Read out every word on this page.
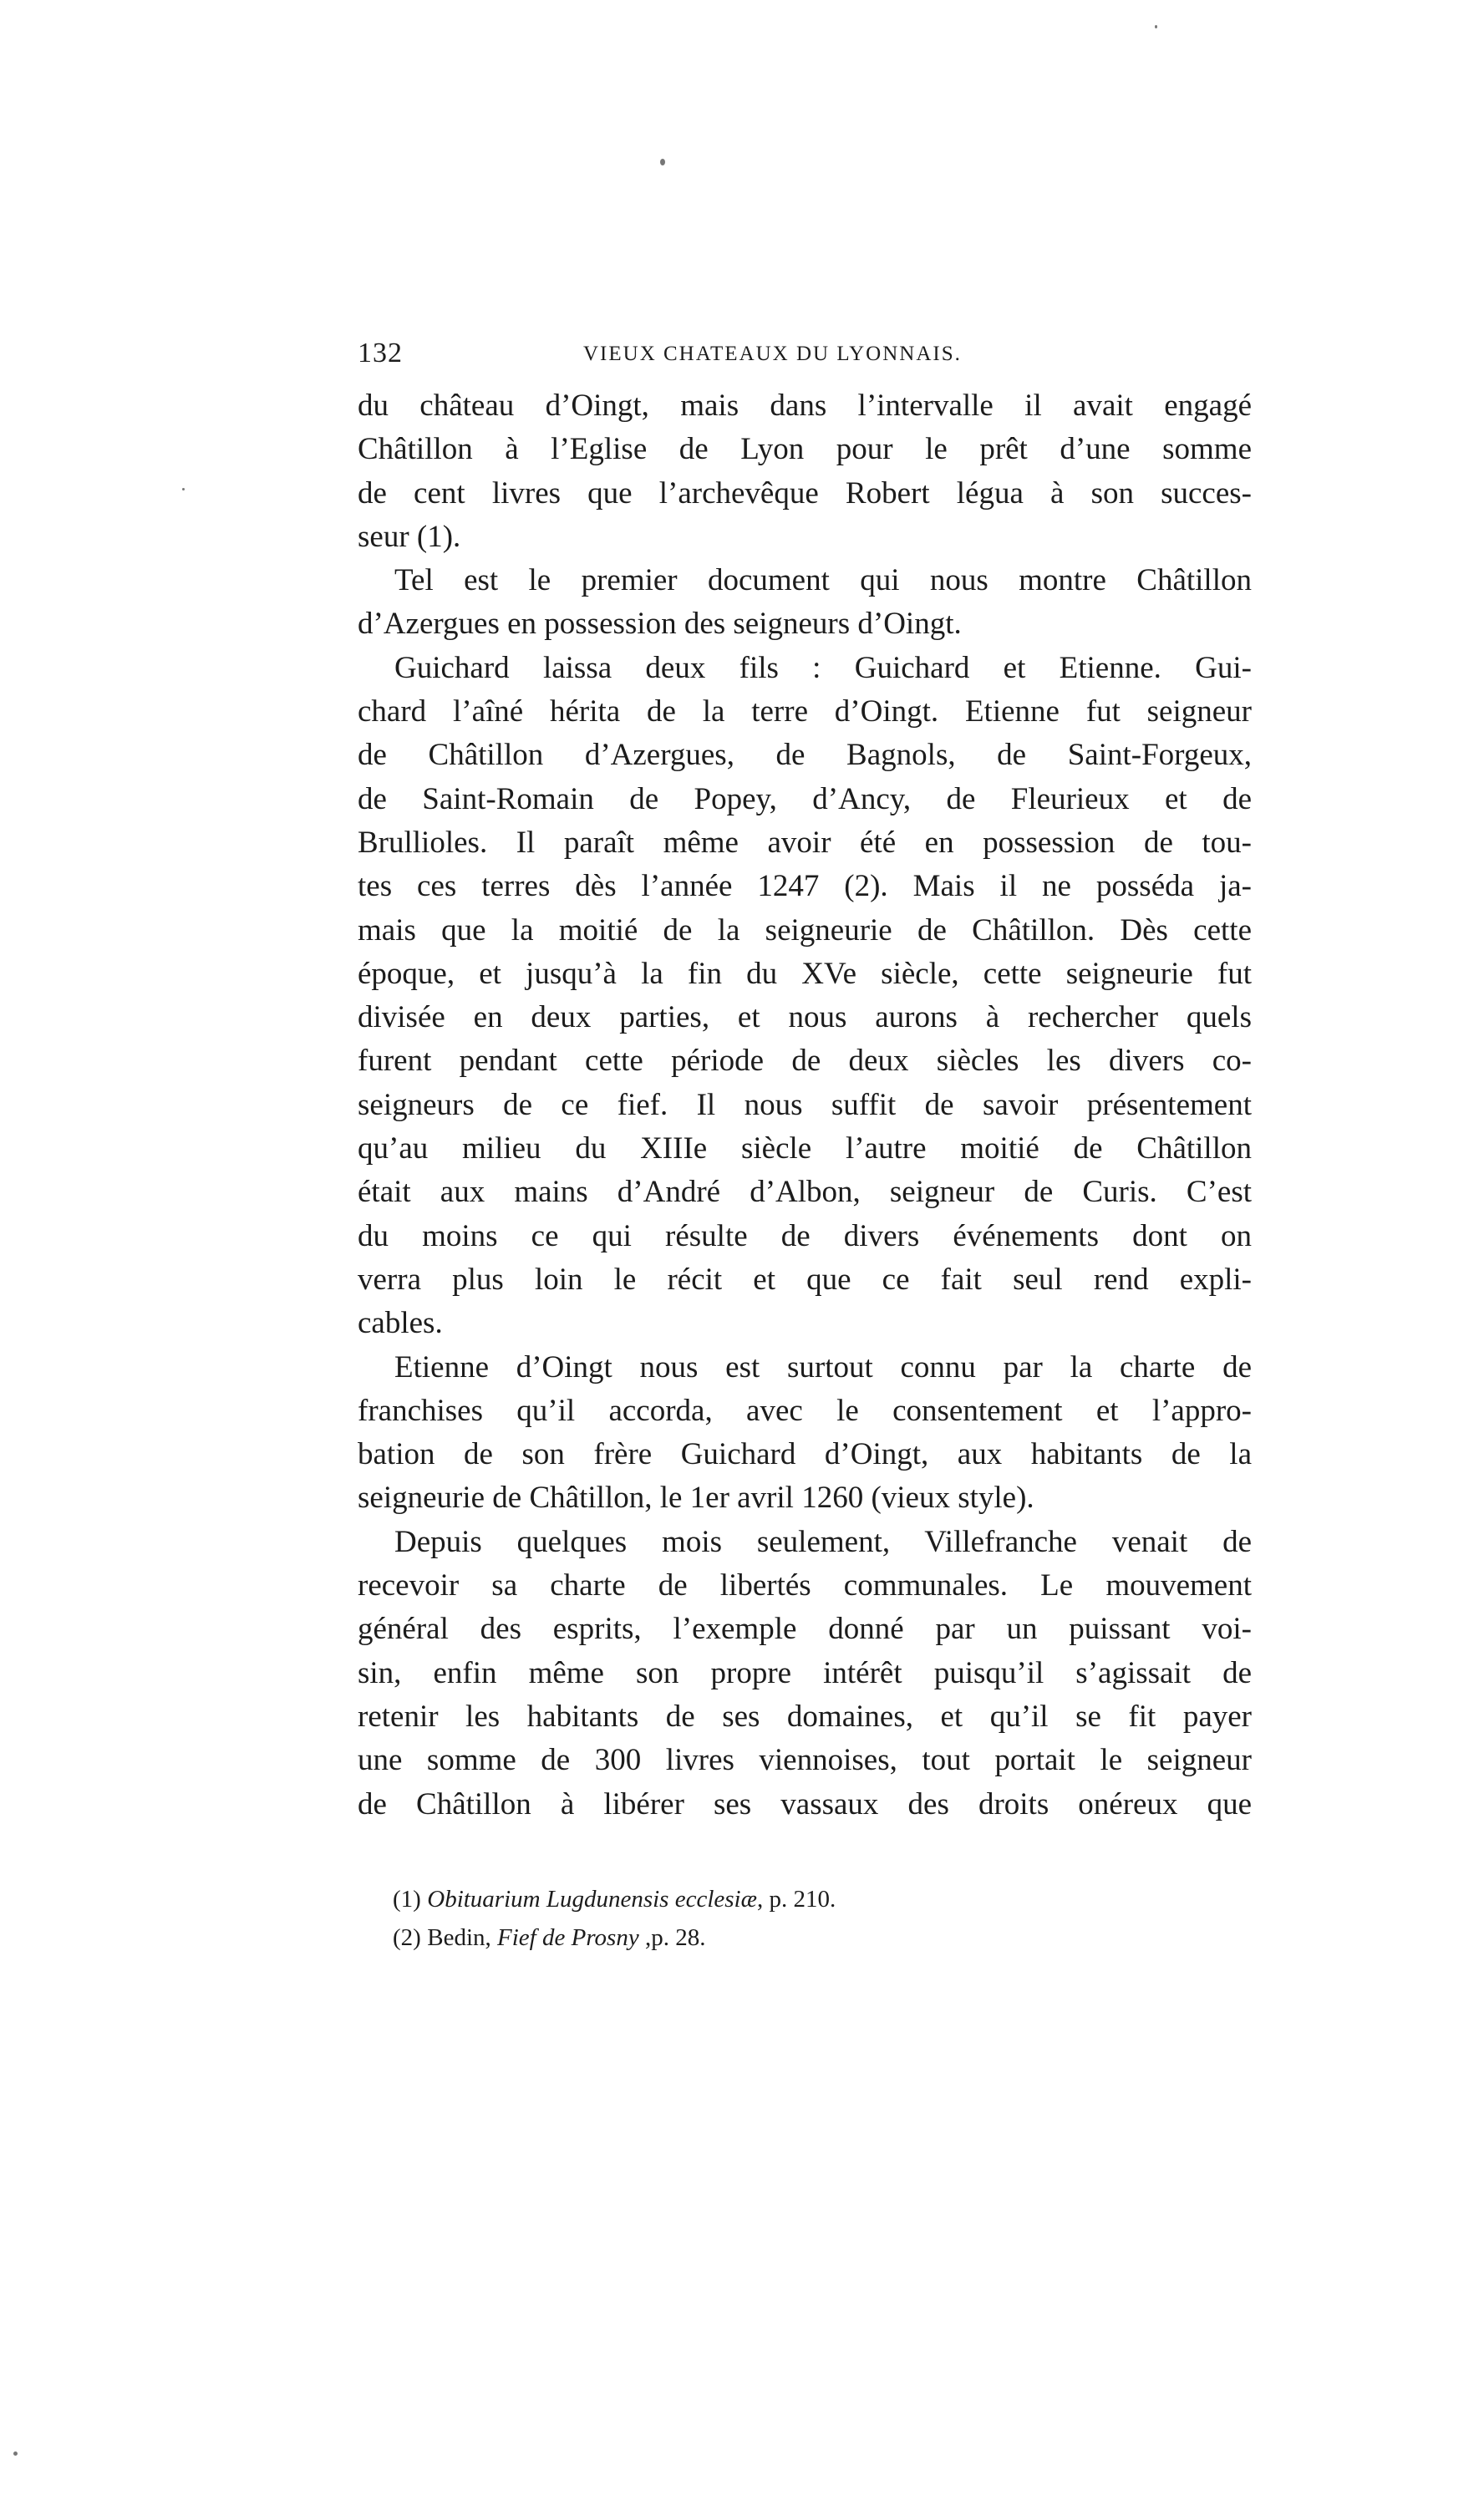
132	VIEUX CHATEAUX DU LYONNAIS.
du château d’Oingt, mais dans l’intervalle il avait engagé
Châtillon à l’Eglise de Lyon pour le prêt d’une somme
de cent livres que l’archevêque Robert légua à son succes-
seur (1).
Tel est le premier document qui nous montre Châtillon
d’Azergues en possession des seigneurs d’Oingt.
Guichard laissa deux fils : Guichard et Etienne. Gui-
chard l’aîné hérita de la terre d’Oingt. Etienne fut seigneur
de Châtillon d’Azergues, de Bagnols, de Saint-Forgeux,
de Saint-Romain de Popey, d’Ancy, de Fleurieux et de
Brullioles. Il paraît même avoir été en possession de tou-
tes ces terres dès l’année 1247 (2). Mais il ne posséda ja-
mais que la moitié de la seigneurie de Châtillon. Dès cette
époque, et jusqu’à la fin du XVe siècle, cette seigneurie fut
divisée en deux parties, et nous aurons à rechercher quels
furent pendant cette période de deux siècles les divers co-
seigneurs de ce fief. Il nous suffit de savoir présentement
qu’au milieu du XIIIe siècle l’autre moitié de Châtillon
était aux mains d’André d’Albon, seigneur de Curis. C’est
du moins ce qui résulte de divers événements dont on
verra plus loin le récit et que ce fait seul rend expli-
cables.
Etienne d’Oingt nous est surtout connu par la charte de
franchises qu’il accorda, avec le consentement et l’appro-
bation de son frère Guichard d’Oingt, aux habitants de la
seigneurie de Châtillon, le 1er avril 1260 (vieux style).
Depuis quelques mois seulement, Villefranche venait de
recevoir sa charte de libertés communales. Le mouvement
général des esprits, l’exemple donné par un puissant voi-
sin, enfin même son propre intérêt puisqu’il s’agissait de
retenir les habitants de ses domaines, et qu’il se fit payer
une somme de 300 livres viennoises, tout portait le seigneur
de Châtillon à libérer ses vassaux des droits onéreux que
(1) Obituarium Lugdunensis ecclesiæ, p. 210.
(2) Bedin, Fief de Prosny ,p. 28.
